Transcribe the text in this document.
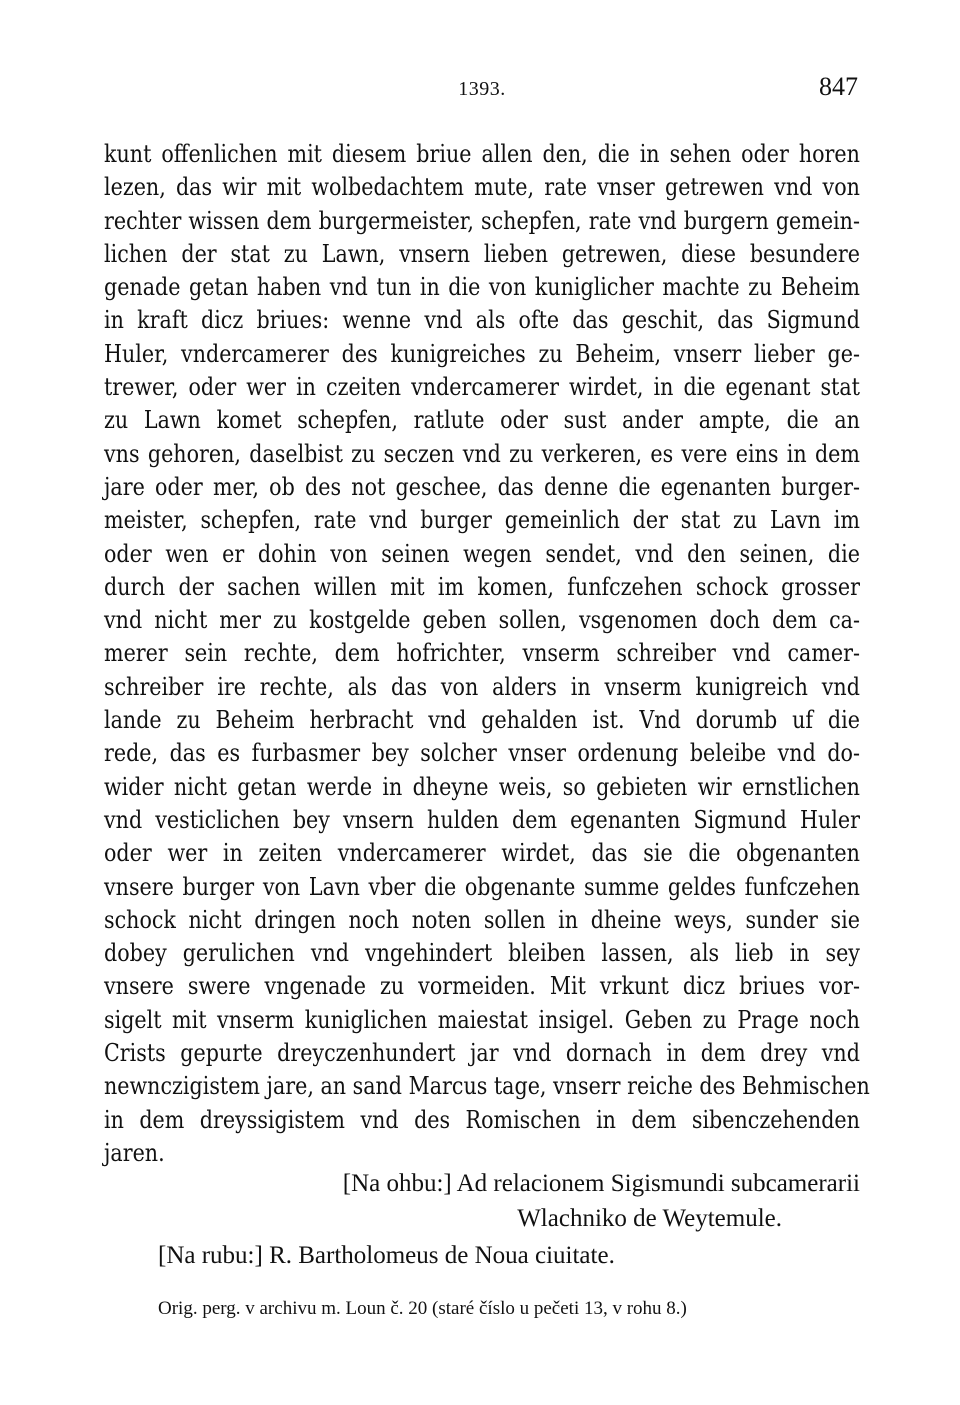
1393.	847
kunt offenlichen mit diesem briue allen den, die in sehen oder horen
lezen, das wir mit wolbedachtem mute, rate vnser getrewen vnd von
rechter wissen dem burgermeister, schepfen, rate vnd burgern gemein-
lichen der stat zu Lawn, vnsern lieben getrewen, diese besundere
genade getan haben vnd tun in die von kuniglicher machte zu Beheim
in kraft dicz briues: wenne vnd als ofte das geschit, das Sigmund
Huler, vndercamerer des kunigreiches zu Beheim, vnserr lieber ge-
trewer, oder wer in czeiten vndercamerer wirdet, in die egenant stat
zu Lawn komet schepfen, ratlute oder sust ander ampte, die an
vns gehoren, daselbist zu seczen vnd zu verkeren, es vere eins in dem
jare oder mer, ob des not geschee, das denne die egenanten burger-
meister, schepfen, rate vnd burger gemeinlich der stat zu Lavn im
oder wen er dohin von seinen wegen sendet, vnd den seinen, die
durch der sachen willen mit im komen, funfczehen schock grosser
vnd nicht mer zu kostgelde geben sollen, vsgenomen doch dem ca-
merer sein rechte, dem hofrichter, vnserm schreiber vnd camer-
schreiber ire rechte, als das von alders in vnserm kunigreich vnd
lande zu Beheim herbracht vnd gehalden ist. Vnd dorumb uf die
rede, das es furbasmer bey solcher vnser ordenung beleibe vnd do-
wider nicht getan werde in dheyne weis, so gebieten wir ernstlichen
vnd vesticlichen bey vnsern hulden dem egenanten Sigmund Huler
oder wer in zeiten vndercamerer wirdet, das sie die obgenanten
vnsere burger von Lavn vber die obgenante summe geldes funfczehen
schock nicht dringen noch noten sollen in dheine weys, sunder sie
dobey gerulichen vnd vngehindert bleiben lassen, als lieb in sey
vnsere swere vngenade zu vormeiden. Mit vrkunt dicz briues vor-
sigelt mit vnserm kuniglichen maiestat insigel. Geben zu Prage noch
Crists gepurte dreyczenhundert jar vnd dornach in dem drey vnd
newnczigistem jare, an sand Marcus tage, vnserr reiche des Behmischen
in dem dreyssigistem vnd des Romischen in dem sibenczehenden
jaren.
[Na ohbu:] Ad relacionem Sigismundi subcamerarii
Wlachniko de Weytemule.
[Na rubu:] R. Bartholomeus de Noua ciuitate.
Orig. perg. v archivu m. Loun č. 20 (staré číslo u pečeti 13, v rohu 8.)
